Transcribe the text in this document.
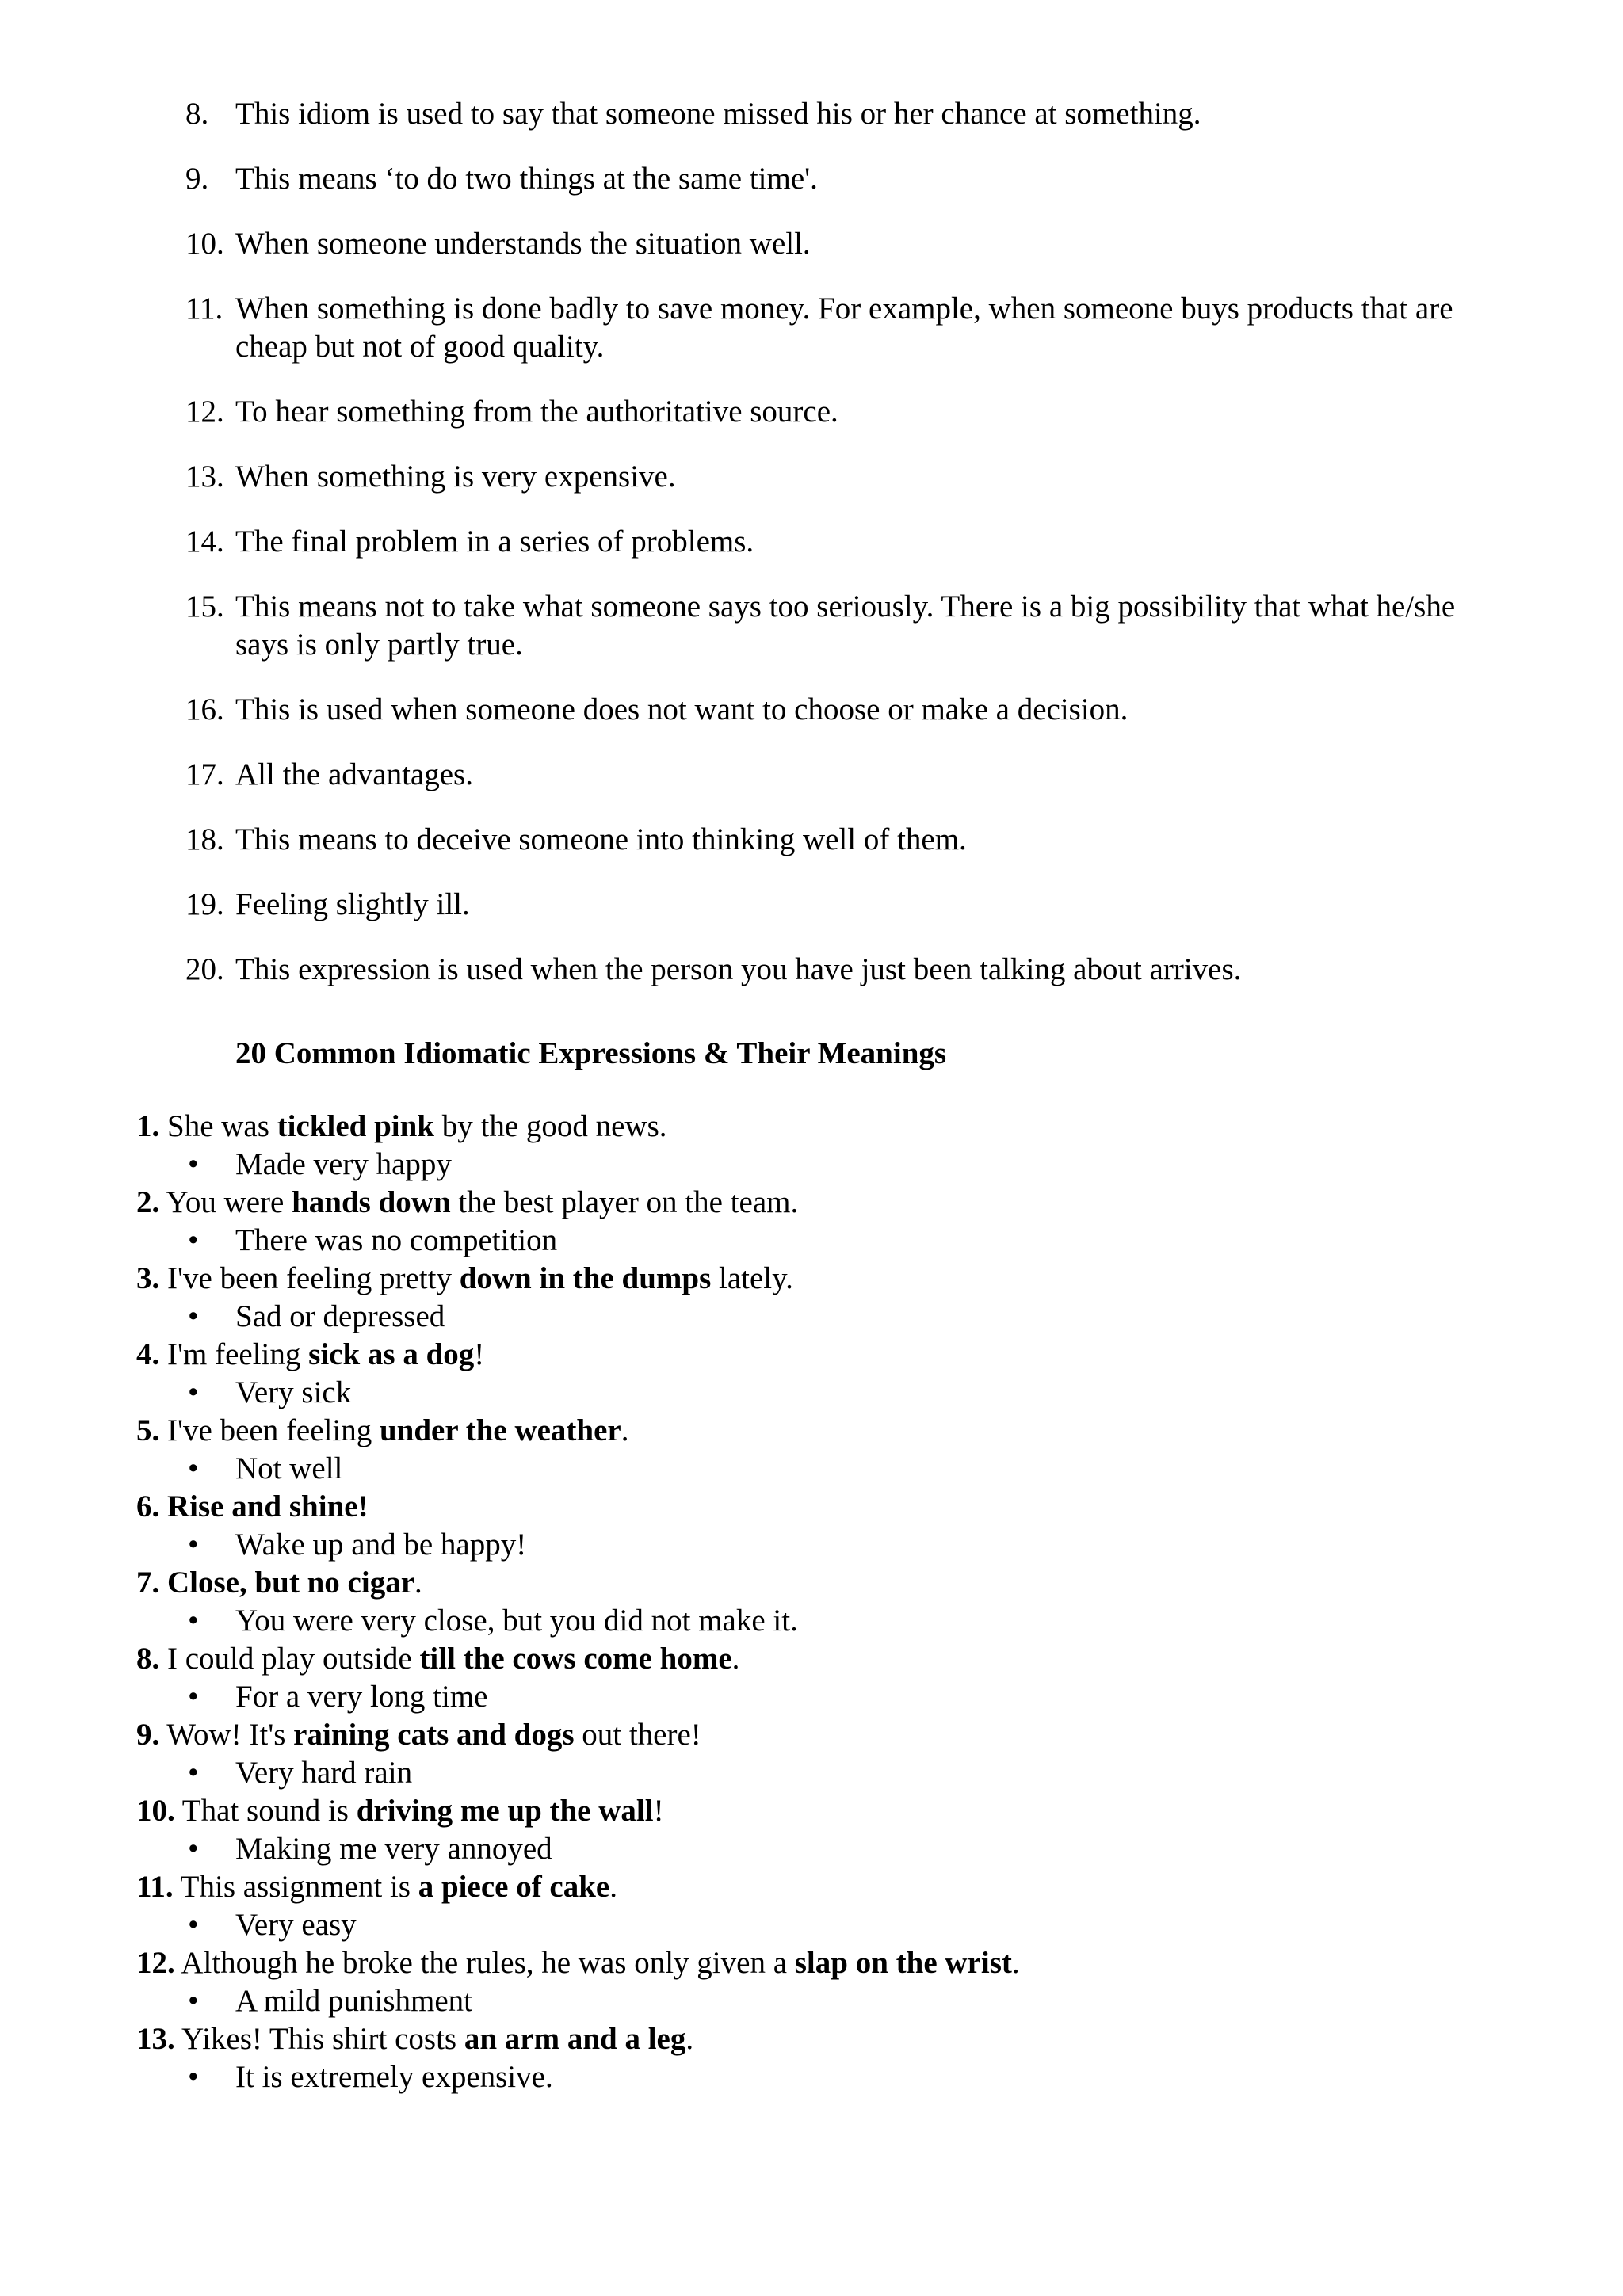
8. This idiom is used to say that someone missed his or her chance at something.
9. This means ‘to do two things at the same time'.
10. When someone understands the situation well.
11. When something is done badly to save money. For example, when someone buys products that are cheap but not of good quality.
12. To hear something from the authoritative source.
13. When something is very expensive.
14. The final problem in a series of problems.
15. This means not to take what someone says too seriously. There is a big possibility that what he/she says is only partly true.
16. This is used when someone does not want to choose or make a decision.
17. All the advantages.
18. This means to deceive someone into thinking well of them.
19. Feeling slightly ill.
20. This expression is used when the person you have just been talking about arrives.
20 Common Idiomatic Expressions & Their Meanings
1. She was tickled pink by the good news.
• Made very happy
2. You were hands down the best player on the team.
• There was no competition
3. I've been feeling pretty down in the dumps lately.
• Sad or depressed
4. I'm feeling sick as a dog!
• Very sick
5. I've been feeling under the weather.
• Not well
6. Rise and shine!
• Wake up and be happy!
7. Close, but no cigar.
• You were very close, but you did not make it.
8. I could play outside till the cows come home.
• For a very long time
9. Wow! It's raining cats and dogs out there!
• Very hard rain
10. That sound is driving me up the wall!
• Making me very annoyed
11. This assignment is a piece of cake.
• Very easy
12. Although he broke the rules, he was only given a slap on the wrist.
• A mild punishment
13. Yikes! This shirt costs an arm and a leg.
• It is extremely expensive.
